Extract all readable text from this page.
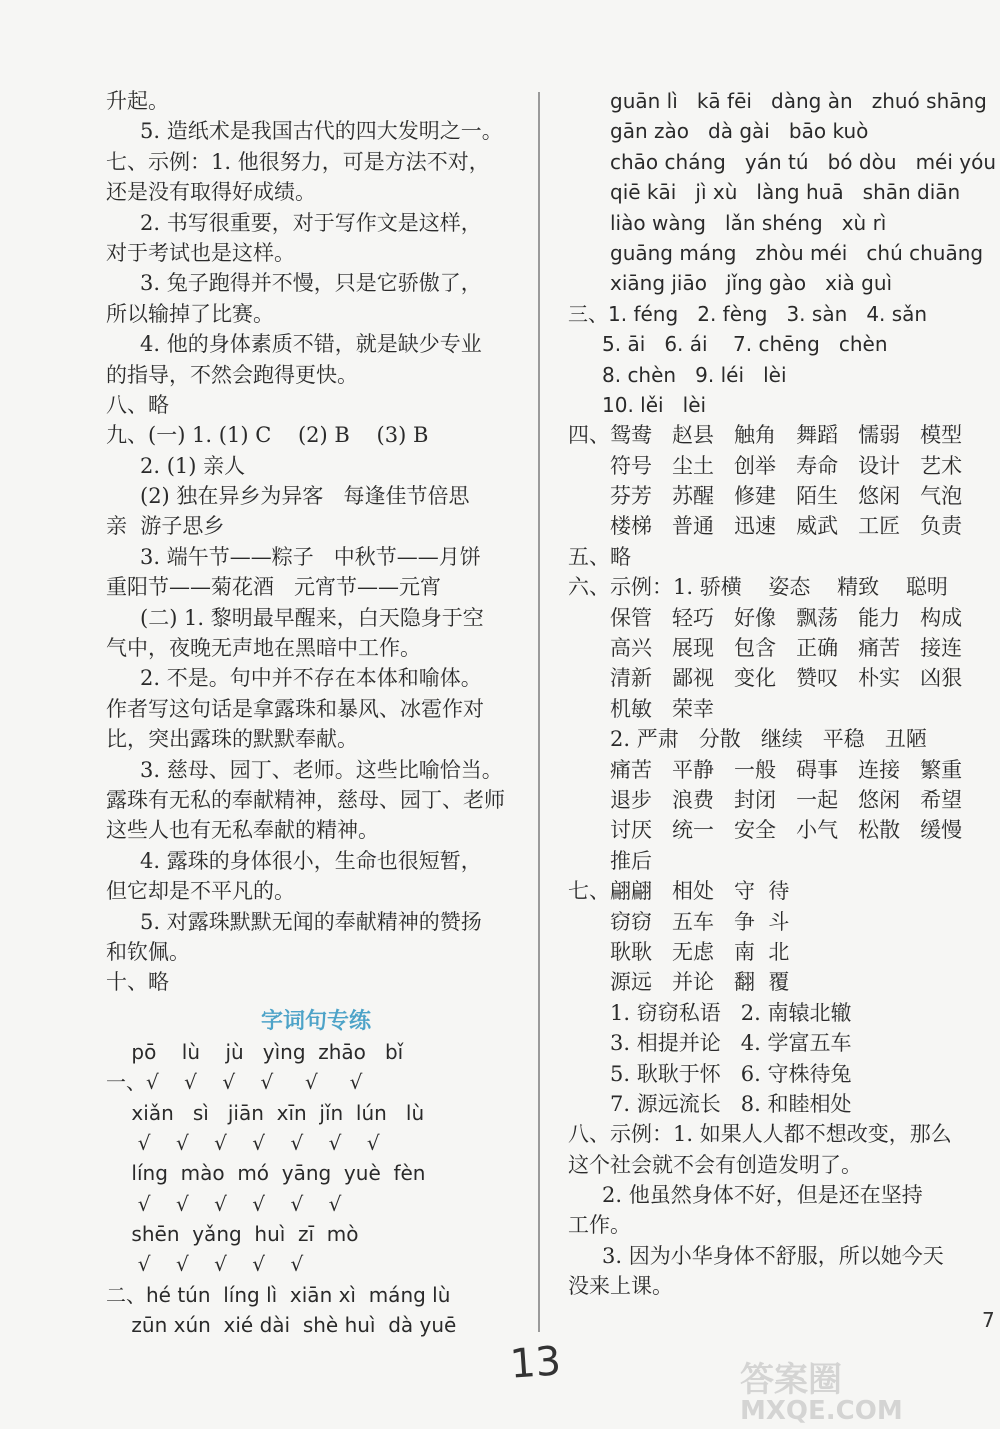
升起。
5. 造纸术是我国古代的四大发明之一。
七、示例：1. 他很努力，可是方法不对，
还是没有取得好成绩。
2. 书写很重要，对于写作文是这样，
对于考试也是这样。
3. 兔子跑得并不慢，只是它骄傲了，
所以输掉了比赛。
4. 他的身体素质不错，就是缺少专业
的指导，不然会跑得更快。
八、略
九、(一) 1. (1) C    (2) B    (3) B
2. (1) 亲人
(2) 独在异乡为异客   每逢佳节倍思
亲  游子思乡
3. 端午节——粽子   中秋节——月饼
重阳节——菊花酒   元宵节——元宵
(二) 1. 黎明最早醒来，白天隐身于空
气中，夜晚无声地在黑暗中工作。
2. 不是。句中并不存在本体和喻体。
作者写这句话是拿露珠和暴风、冰雹作对
比，突出露珠的默默奉献。
3. 慈母、园丁、老师。这些比喻恰当。
露珠有无私的奉献精神，慈母、园丁、老师
这些人也有无私奉献的精神。
4. 露珠的身体很小，生命也很短暂，
但它却是不平凡的。
5. 对露珠默默无闻的奉献精神的赞扬
和钦佩。
十、略
字词句专练
pō    lù    jù   yìng  zhāo   bǐ
一、√    √    √    √     √     √
xiǎn   sì   jiān  xīn  jǐn  lún   lù
√    √    √    √    √    √    √
líng  mào  mó  yāng  yuè  fèn
√    √    √    √    √    √
shēn  yǎng  huì  zī  mò
√    √    √    √    √
二、hé tún  líng lì  xiān xì  máng lù
zūn xún  xié dài  shè huì  dà yuē
guān lì   kā fēi   dàng àn   zhuó shāng
gān zào   dà gài   bāo kuò
chāo cháng   yán tú   bó dòu   méi yóu
qiē kāi   jì xù   làng huā   shān diān
liào wàng   lǎn shéng   xù rì
guāng máng   zhòu méi   chú chuāng
xiāng jiāo   jǐng gào   xià guì
三、1. féng   2. fèng   3. sàn   4. sǎn
5. āi   6. ái    7. chēng   chèn
8. chèn   9. léi   lèi
10. lěi   lèi
四、鸳鸯   赵县   触角   舞蹈   懦弱   模型
符号   尘土   创举   寿命   设计   艺术
芬芳   苏醒   修建   陌生   悠闲   气泡
楼梯   普通   迅速   威武   工匠   负责
五、略
六、示例：1. 骄横    姿态    精致    聪明
保管   轻巧   好像   飘荡   能力   构成
高兴   展现   包含   正确   痛苦   接连
清新   鄙视   变化   赞叹   朴实   凶狠
机敏   荣幸
2. 严肃   分散   继续   平稳   丑陋
痛苦   平静   一般   碍事   连接   繁重
退步   浪费   封闭   一起   悠闲   希望
讨厌   统一   安全   小气   松散   缓慢
推后
七、翩翩   相处   守  待
窃窃   五车   争  斗
耿耿   无虑   南  北
源远   并论   翻  覆
1. 窃窃私语   2. 南辕北辙
3. 相提并论   4. 学富五车
5. 耿耿于怀   6. 守株待兔
7. 源远流长   8. 和睦相处
八、示例：1. 如果人人都不想改变，那么
这个社会就不会有创造发明了。
2. 他虽然身体不好，但是还在坚持
工作。
3. 因为小华身体不舒服，所以她今天
没来上课。
7
13	答案圈
MXQE.COM
